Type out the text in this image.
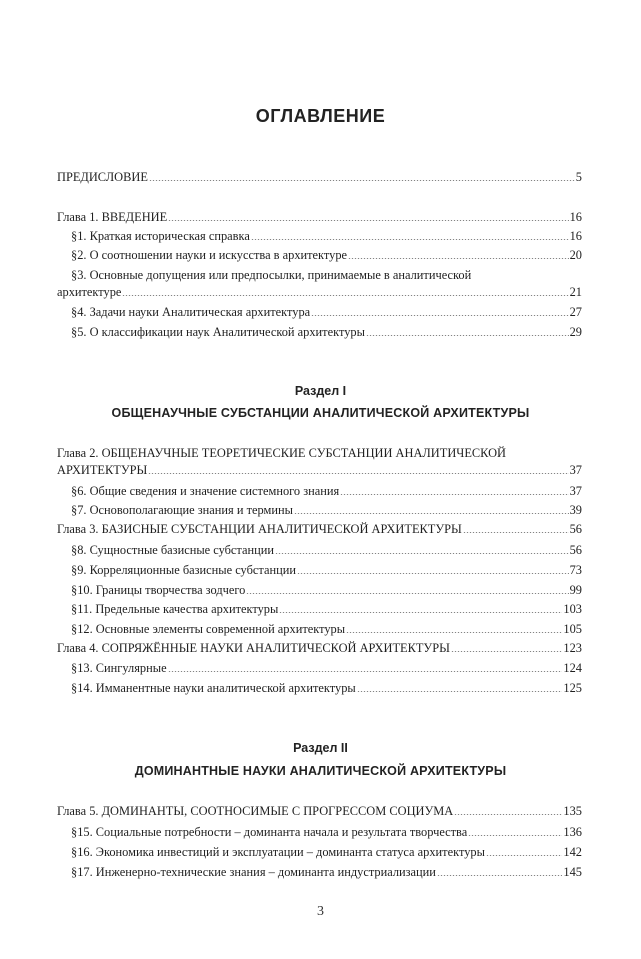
ОГЛАВЛЕНИЕ
ПРЕДИСЛОВИЕ	5
Глава 1. ВВЕДЕНИЕ	16
§1. Краткая историческая справка	16
§2. О соотношении науки и искусства в архитектуре	20
§3. Основные допущения или предпосылки, принимаемые в аналитической
архитектуре	21
§4. Задачи науки Аналитическая архитектура	27
§5. О классификации наук Аналитической архитектуры	29
Раздел I
ОБЩЕНАУЧНЫЕ СУБСТАНЦИИ АНАЛИТИЧЕСКОЙ АРХИТЕКТУРЫ
Глава 2. ОБЩЕНАУЧНЫЕ ТЕОРЕТИЧЕСКИЕ СУБСТАНЦИИ АНАЛИТИЧЕСКОЙ
АРХИТЕКТУРЫ	37
§6. Общие сведения и значение системного знания	37
§7. Основополагающие знания и термины	39
Глава 3. БАЗИСНЫЕ СУБСТАНЦИИ АНАЛИТИЧЕСКОЙ АРХИТЕКТУРЫ	56
§8. Сущностные базисные субстанции	56
§9. Корреляционные базисные субстанции	73
§10. Границы творчества зодчего	99
§11. Предельные качества архитектуры	103
§12. Основные элементы современной архитектуры	105
Глава 4. СОПРЯЖЁННЫЕ НАУКИ АНАЛИТИЧЕСКОЙ АРХИТЕКТУРЫ	123
§13. Сингулярные	124
§14. Имманентные науки аналитической архитектуры	125
Раздел II
ДОМИНАНТНЫЕ НАУКИ АНАЛИТИЧЕСКОЙ АРХИТЕКТУРЫ
Глава 5. ДОМИНАНТЫ, СООТНОСИМЫЕ С ПРОГРЕССОМ СОЦИУМА	135
§15. Социальные потребности – доминанта начала и результата творчества	136
§16. Экономика инвестиций и эксплуатации – доминанта статуса архитектуры	142
§17. Инженерно-технические знания – доминанта индустриализации	145
3
